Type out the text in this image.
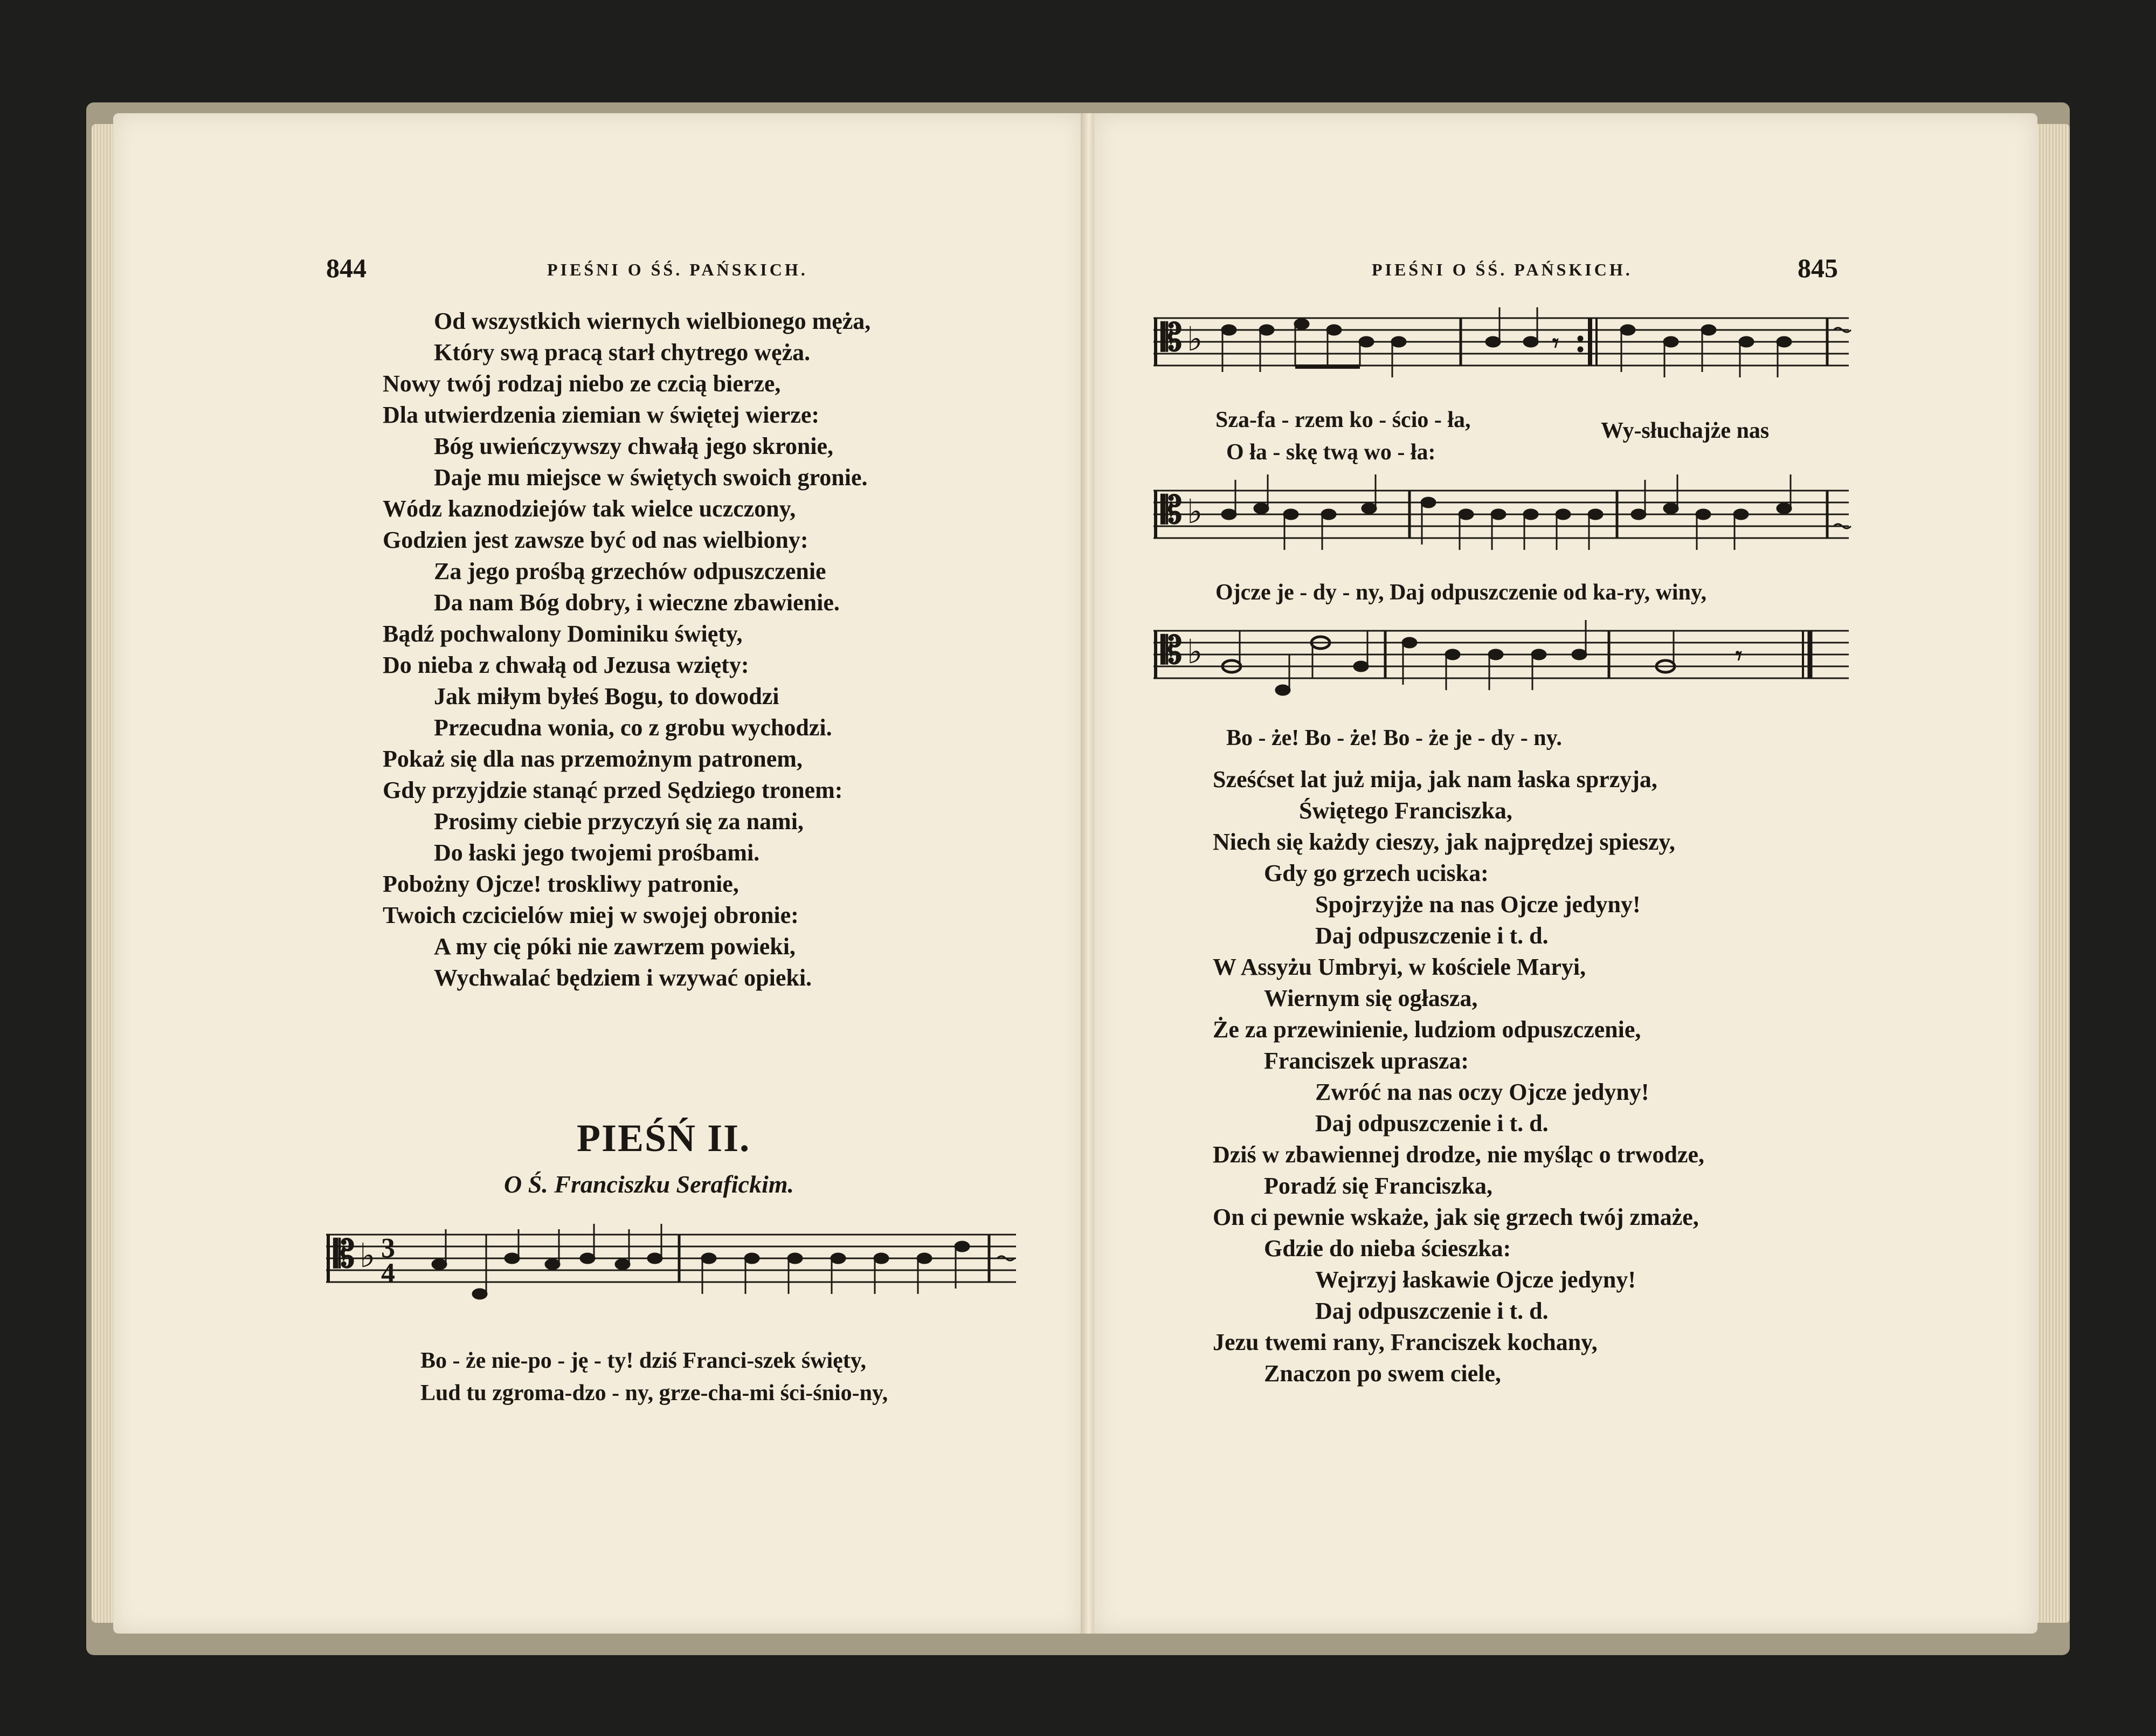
844	PIEŚNI O ŚŚ. PAŃSKICH.
Od wszystkich wiernych wielbionego męża,
Który swą pracą starł chytrego węża.
Nowy twój rodzaj niebo ze czcią bierze,
Dla utwierdzenia ziemian w świętej wierze:
Bóg uwieńczywszy chwałą jego skronie,
Daje mu miejsce w świętych swoich gronie.
Wódz kaznodziejów tak wielce uczczony,
Godzien jest zawsze być od nas wielbiony:
Za jego prośbą grzechów odpuszczenie
Da nam Bóg dobry, i wieczne zbawienie.
Bądź pochwalony Dominiku święty,
Do nieba z chwałą od Jezusa wzięty:
Jak miłym byłeś Bogu, to dowodzi
Przecudna wonia, co z grobu wychodzi.
Pokaż się dla nas przemożnym patronem,
Gdy przyjdzie stanąć przed Sędziego tronem:
Prosimy ciebie przyczyń się za nami,
Do łaski jego twojemi prośbami.
Pobożny Ojcze! troskliwy patronie,
Twoich czcicielów miej w swojej obronie:
A my cię póki nie zawrzem powieki,
Wychwalać będziem i wzywać opieki.
PIEŚŃ II.
O Ś. Franciszku Serafickim.
𝄡 ♭ 3
4
Bo - że nie-po - ję - ty! dziś Franci-szek święty,
Lud tu zgroma-dzo - ny, grze-cha-mi ści-śnio-ny,
PIEŚNI O ŚŚ. PAŃSKICH.	845
𝄡 ♭	𝄾
Sza-fa - rzem ko - ścio - ła,	Wy-słuchajże nas
O ła - skę twą wo - ła:
𝄡 ♭
Ojcze je - dy - ny, Daj odpuszczenie od ka-ry, winy,
𝄡 ♭	𝄾
Bo - że! Bo - że! Bo - że je - dy - ny.
Sześćset lat już mija, jak nam łaska sprzyja,
Świętego Franciszka,
Niech się każdy cieszy, jak najprędzej spieszy,
Gdy go grzech uciska:
Spojrzyjże na nas Ojcze jedyny!
Daj odpuszczenie i t. d.
W Assyżu Umbryi, w kościele Maryi,
Wiernym się ogłasza,
Że za przewinienie, ludziom odpuszczenie,
Franciszek uprasza:
Zwróć na nas oczy Ojcze jedyny!
Daj odpuszczenie i t. d.
Dziś w zbawiennej drodze, nie myśląc o trwodze,
Poradź się Franciszka,
On ci pewnie wskaże, jak się grzech twój zmaże,
Gdzie do nieba ścieszka:
Wejrzyj łaskawie Ojcze jedyny!
Daj odpuszczenie i t. d.
Jezu twemi rany, Franciszek kochany,
Znaczon po swem ciele,
